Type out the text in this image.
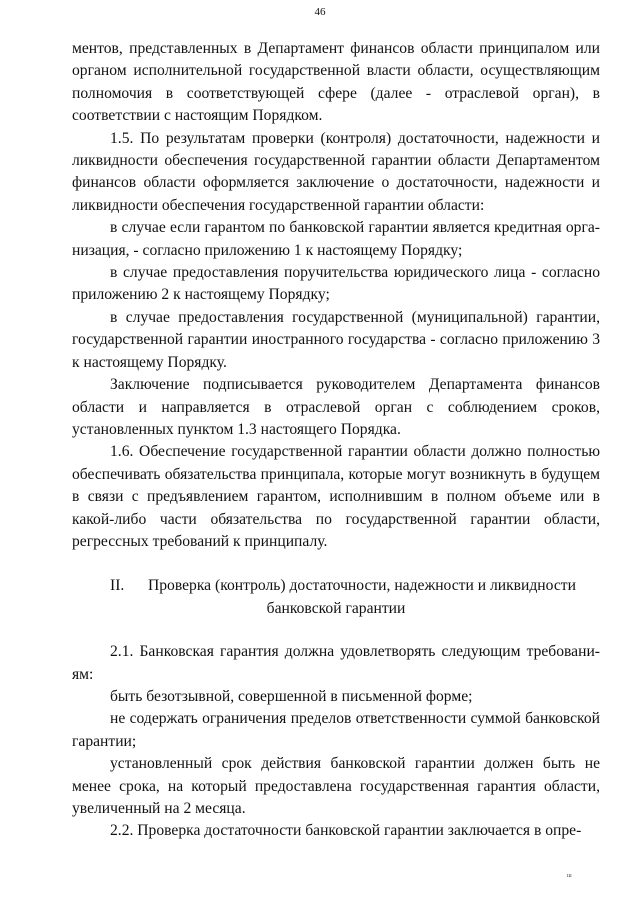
46

ментов, представленных в Департамент финансов области принципалом или органом исполнительной государственной власти области, осуществляющим полномочия в соответствующей сфере (далее - отраслевой орган), в соответствии с настоящим Порядком.

1.5. По результатам проверки (контроля) достаточности, надежности и ликвидности обеспечения государственной гарантии области Департаментом финансов области оформляется заключение о достаточности, надежности и ликвидности обеспечения государственной гарантии области:

в случае если гарантом по банковской гарантии является кредитная организация, - согласно приложению 1 к настоящему Порядку;

в случае предоставления поручительства юридического лица - согласно приложению 2 к настоящему Порядку;

в случае предоставления государственной (муниципальной) гарантии, государственной гарантии иностранного государства - согласно приложению 3 к настоящему Порядку.

Заключение подписывается руководителем Департамента финансов области и направляется в отраслевой орган с соблюдением сроков, установленных пунктом 1.3 настоящего Порядка.

1.6. Обеспечение государственной гарантии области должно полностью обеспечивать обязательства принципала, которые могут возникнуть в будущем в связи с предъявлением гарантом, исполнившим в полном объеме или в какой-либо части обязательства по государственной гарантии области, регрессных требований к принципалу.

II. Проверка (контроль) достаточности, надежности и ликвидности
банковской гарантии

2.1. Банковская гарантия должна удовлетворять следующим требованиям:

быть безотзывной, совершенной в письменной форме;

не содержать ограничения пределов ответственности суммой банковской гарантии;

установленный срок действия банковской гарантии должен быть не менее срока, на который предоставлена государственная гарантия области, увеличенный на 2 месяца.

2.2. Проверка достаточности банковской гарантии заключается в опре-

ш
